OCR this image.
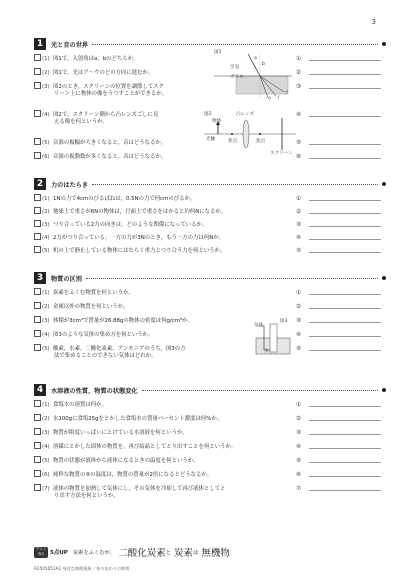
3
1	光と音の世界
(1) 図1で，入射角はa，bのどちらか。	①
(2) 図1で，光はア〜ウのどの方向に進むか。	②
(3) 図2のとき，スクリーンの位置を調節してスク
リーン上に物体の像をうつすことができるか。
③
(4) 図2で，スクリーン側から凸レンズごしに見
える像を何というか。
④
(5) 音源の振幅が大きくなると，音はどうなるか。	⑤
(6) 音源の振動数が多くなると，音はどうなるか。	⑥
図1
空気
ガラス
a
b
ア
イ
ウ
図2	凸レンズ
物体
焦点	焦点
光軸
スクリーン
2	力のはたらき
(1) 1Nの力で4cmのびるばねは，0.5Nの力で何cmのびるか。	①
(2) 地球上で重さが6Nの物体は，月面上で重さをはかると約何Nになるか。	②
(3) つり合っている2力の向きは，どのような関係になっているか。	③
(4) 2力がつり合っている。一方の力が3Nのとき，もう一方の力は何Nか。	④
(5) 机の上で静止している物体にはたらく重力とつり合う力を何というか。	⑤
3	物質の区別
(1) 炭素をふくむ物質を何というか。	①
(2) 金属以外の物質を何というか。	②
(3) 体積が3cm³で質量が26.88gの物体の密度は何g/cm³か。	③
(4) 図3のような気体の集め方を何というか。	④
(5) 酸素，水素，二酸化炭素，アンモニアのうち，図3の方
法で集めることのできない気体はどれか。
⑤
図3
気体
水
4	水溶液の性質，物質の状態変化
(1) 食塩水の溶質は何か。	①
(2) 水100gに食塩25gをとかした食塩水の質量パーセント濃度は何%か。	②
(3) 物質が限度いっぱいにとけている水溶液を何というか。	③
(4) 溶媒にとかした固体の物質を，再び結晶としてとり出すことを何というか。	④
(5) 物質の状態が液体から液体になるときの温度を何というか。	⑤
(6) 純粋な物質の⑤の温度は，物質の質量が2倍になるとどうなるか。	⑥
(7) 液体の物質を加熱して気体にし，その気体を冷却して再び液体としてと
り出す方法を何というか。
⑦
テスト
得点	5点UP 炭素をふくむが， 二酸化炭素 と 炭素 は 無機物
R2505051A2 身近な物理現象／身のまわりの物質
